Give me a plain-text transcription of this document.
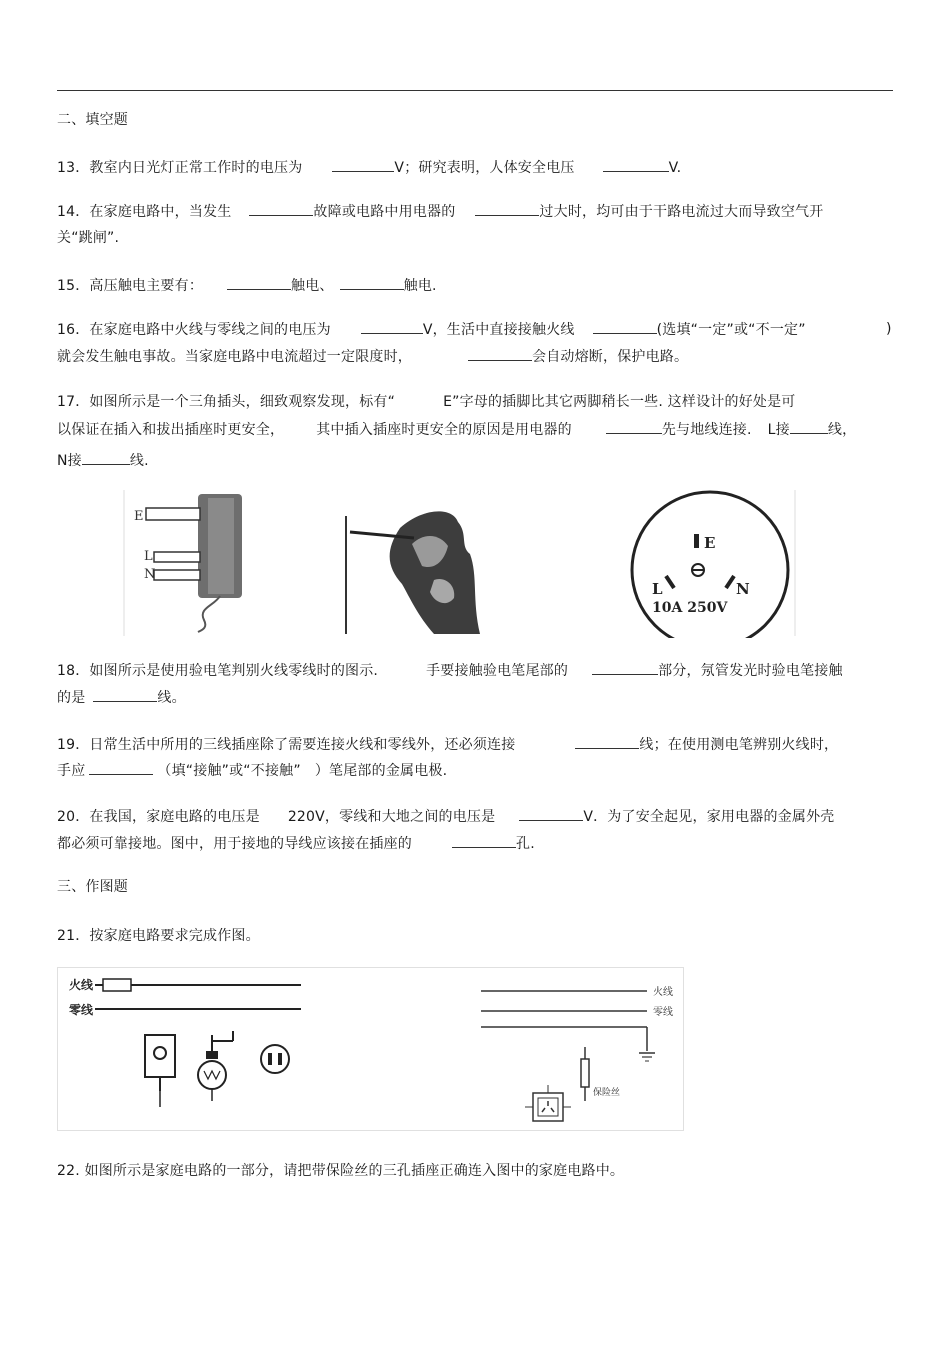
二、填空题
13．教室内日光灯正常工作时的电压为	V；研究表明，人体安全电压	V.
14．在家庭电路中，当发生	故障或电路中用电器的	过大时，均可由于干路电流过大而导致空气开
关“跳闸”.
15．高压触电主要有：	触电、	触电.
16．在家庭电路中火线与零线之间的电压为	V，生活中直接接触火线	(选填“一定”或“不一定”	)
就会发生触电事故。当家庭电路中电流超过一定限度时，	会自动熔断，保护电路。
17．如图所示是一个三角插头，细致观察发现，标有“	E”字母的插脚比其它两脚稍长一些. 这样设计的好处是可
以保证在插入和拔出插座时更安全， 其中插入插座时更安全的原因是用电器的	先与地线连接. L接	线，
N接	线.
E
L
N
E
L	N
10A 250V
18．如图所示是使用验电笔判别火线零线时的图示.	手要接触验电笔尾部的	部分，氖管发光时验电笔接触
的是	线。
19．日常生活中所用的三线插座除了需要连接火线和零线外，还必须连接	线；在使用测电笔辨别火线时，
手应	（填“接触”或“不接触” ）笔尾部的金属电极.
20．在我国，家庭电路的电压是 220V，零线和大地之间的电压是	V．为了安全起见，家用电器的金属外壳
都必须可靠接地。图中，用于接地的导线应该接在插座的	孔.
三、作图题
21．按家庭电路要求完成作图。
火线
零线
火线
零线
保险丝
22. 如图所示是家庭电路的一部分，请把带保险丝的三孔插座正确连入图中的家庭电路中。
